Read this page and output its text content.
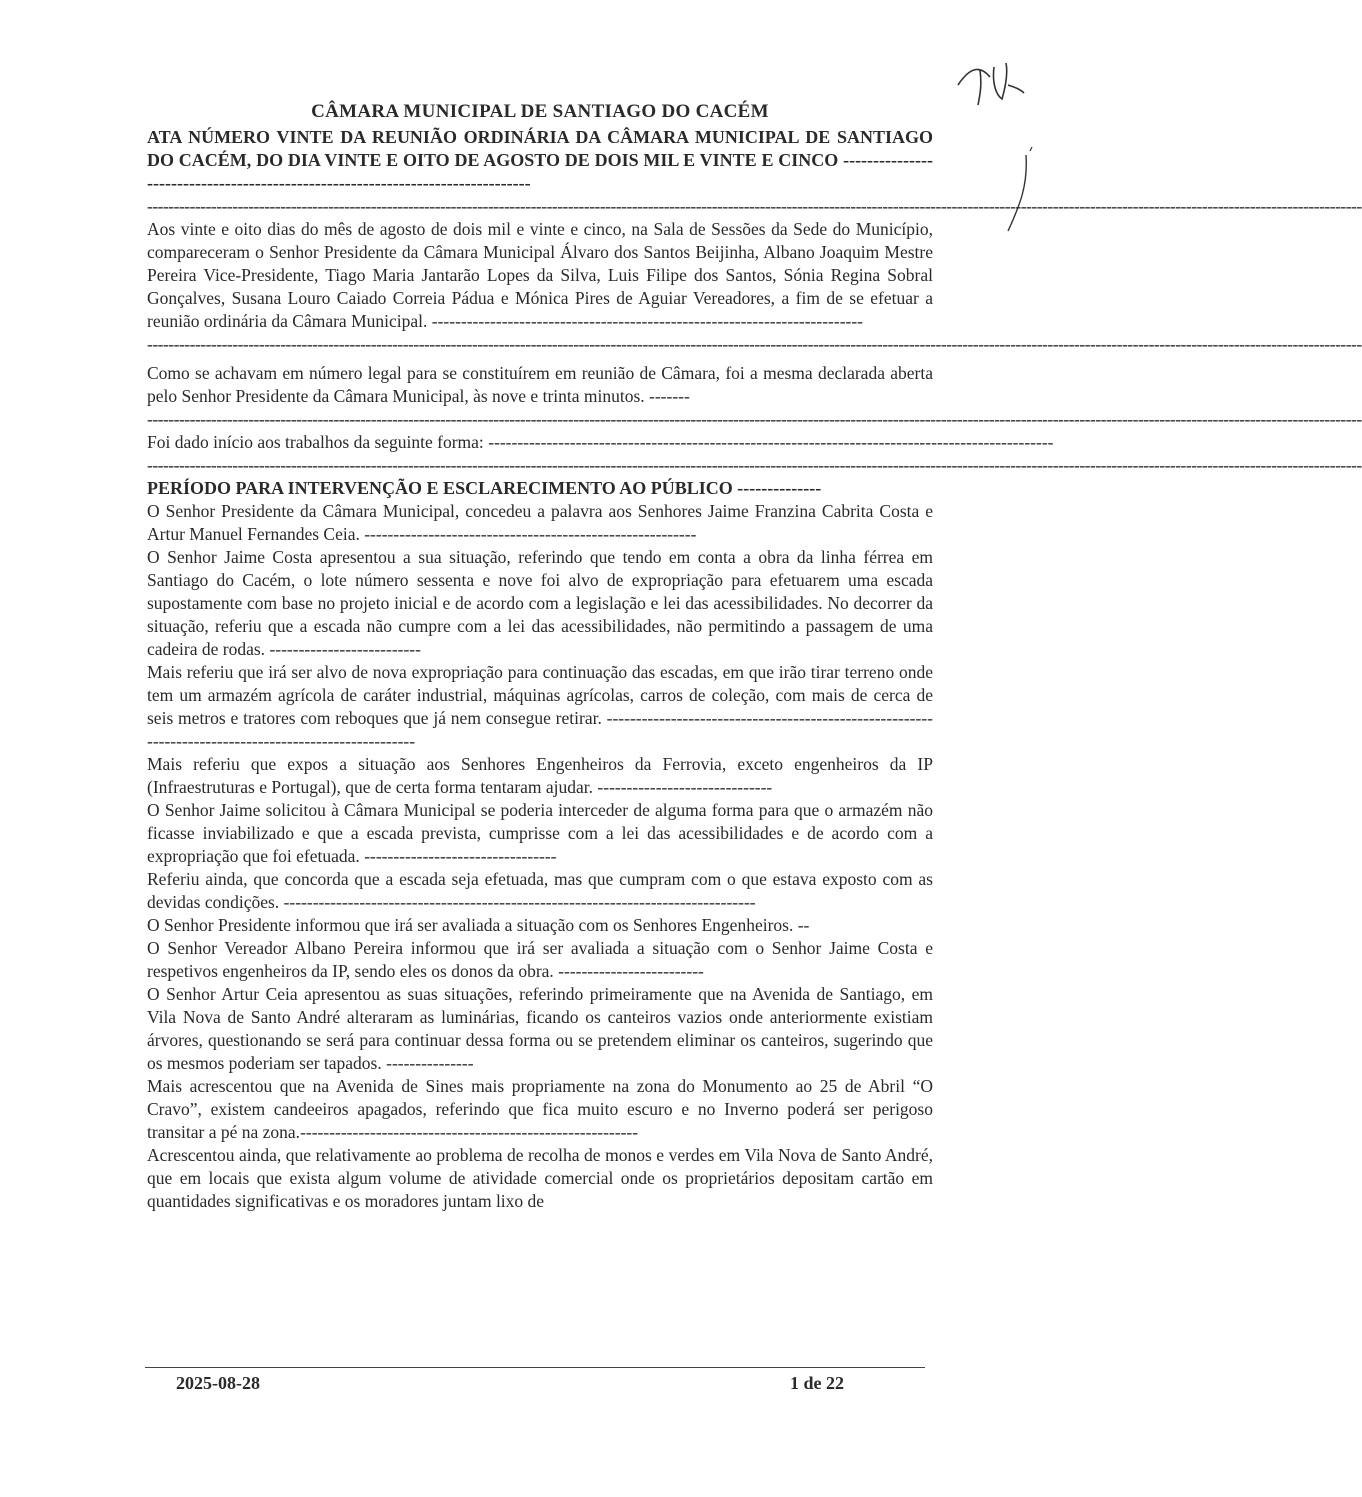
CÂMARA MUNICIPAL DE SANTIAGO DO CACÉM
ATA NÚMERO VINTE DA REUNIÃO ORDINÁRIA DA CÂMARA MUNICIPAL DE SANTIAGO DO CACÉM, DO DIA VINTE E OITO DE AGOSTO DE DOIS MIL E VINTE E CINCO -------------------------------------------------------------------------------
------------------------------------------------------------------------------------------------------------------------------------------------------------------------------------------------------------------------------------

Aos vinte e oito dias do mês de agosto de dois mil e vinte e cinco, na Sala de Sessões da Sede do Município, compareceram o Senhor Presidente da Câmara Municipal Álvaro dos Santos Beijinha, Albano Joaquim Mestre Pereira Vice-Presidente, Tiago Maria Jantarão Lopes da Silva, Luis Filipe dos Santos, Sónia Regina Sobral Gonçalves, Susana Louro Caiado Correia Pádua e Mónica Pires de Aguiar Vereadores, a fim de se efetuar a reunião ordinária da Câmara Municipal. --------------------------------------------------------------------------

------------------------------------------------------------------------------------------------------------------------------------------------------------------------------------------------------------------------------------

Como se achavam em número legal para se constituírem em reunião de Câmara, foi a mesma declarada aberta pelo Senhor Presidente da Câmara Municipal, às nove e trinta minutos. -------

------------------------------------------------------------------------------------------------------------------------------------------------------------------------------------------------------------------------------------

Foi dado início aos trabalhos da seguinte forma: -------------------------------------------------------------------------------------------------

------------------------------------------------------------------------------------------------------------------------------------------------------------------------------------------------------------------------------------

PERÍODO PARA INTERVENÇÃO E ESCLARECIMENTO AO PÚBLICO --------------

O Senhor Presidente da Câmara Municipal, concedeu a palavra aos Senhores Jaime Franzina Cabrita Costa e Artur Manuel Fernandes Ceia. ---------------------------------------------------------

O Senhor Jaime Costa apresentou a sua situação, referindo que tendo em conta a obra da linha férrea em Santiago do Cacém, o lote número sessenta e nove foi alvo de expropriação para efetuarem uma escada supostamente com base no projeto inicial e de acordo com a legislação e lei das acessibilidades. No decorrer da situação, referiu que a escada não cumpre com a lei das acessibilidades, não permitindo a passagem de uma cadeira de rodas. --------------------------

Mais referiu que irá ser alvo de nova expropriação para continuação das escadas, em que irão tirar terreno onde tem um armazém agrícola de caráter industrial, máquinas agrícolas, carros de coleção, com mais de cerca de seis metros e tratores com reboques que já nem consegue retirar. ------------------------------------------------------------------------------------------------------

Mais referiu que expos a situação aos Senhores Engenheiros da Ferrovia, exceto engenheiros da IP (Infraestruturas e Portugal), que de certa forma tentaram ajudar. ------------------------------

O Senhor Jaime solicitou à Câmara Municipal se poderia interceder de alguma forma para que o armazém não ficasse inviabilizado e que a escada prevista, cumprisse com a lei das acessibilidades e de acordo com a expropriação que foi efetuada. ---------------------------------

Referiu ainda, que concorda que a escada seja efetuada, mas que cumpram com o que estava exposto com as devidas condições. ---------------------------------------------------------------------------------

O Senhor Presidente informou que irá ser avaliada a situação com os Senhores Engenheiros. --

O Senhor Vereador Albano Pereira informou que irá ser avaliada a situação com o Senhor Jaime Costa e respetivos engenheiros da IP, sendo eles os donos da obra. -------------------------

O Senhor Artur Ceia apresentou as suas situações, referindo primeiramente que na Avenida de Santiago, em Vila Nova de Santo André alteraram as luminárias, ficando os canteiros vazios onde anteriormente existiam árvores, questionando se será para continuar dessa forma ou se pretendem eliminar os canteiros, sugerindo que os mesmos poderiam ser tapados. ---------------

Mais acrescentou que na Avenida de Sines mais propriamente na zona do Monumento ao 25 de Abril “O Cravo”, existem candeeiros apagados, referindo que fica muito escuro e no Inverno poderá ser perigoso transitar a pé na zona.----------------------------------------------------------

Acrescentou ainda, que relativamente ao problema de recolha de monos e verdes em Vila Nova de Santo André, que em locais que exista algum volume de atividade comercial onde os proprietários depositam cartão em quantidades significativas e os moradores juntam lixo de

2025-08-28	1 de 22
